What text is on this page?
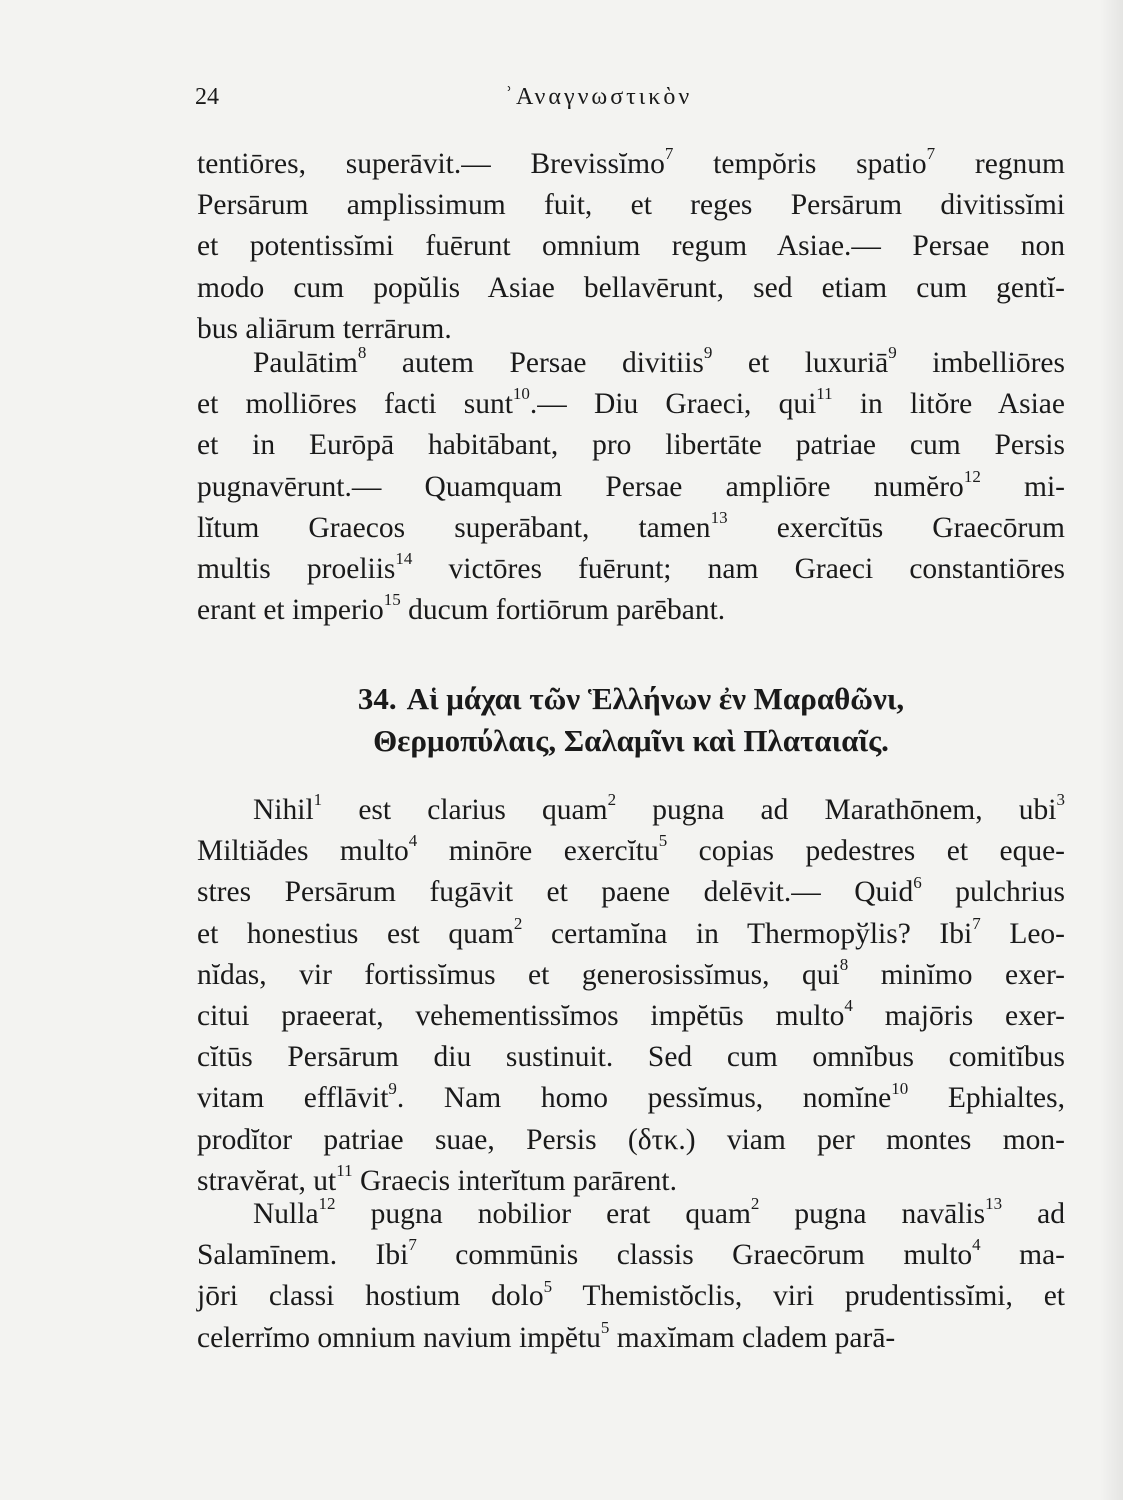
24	ʾΑναγνωστικὸν
tentiōres, superāvit.— Brevissĭmo$^7$ tempŏris spatio$^7$ regnum
Persārum amplissimum fuit, et reges Persārum divitissĭmi
et potentissĭmi fuērunt omnium regum Asiae.— Persae non
modo cum popŭlis Asiae bellavērunt, sed etiam cum gentĭ-
bus aliārum terrārum.
Paulātim$^8$ autem Persae divitiis$^9$ et luxuriā$^9$ imbelliōres
et molliōres facti sunt$^{10}$.— Diu Graeci, qui$^{11}$ in litŏre Asiae
et in Eurōpā habitābant, pro libertāte patriae cum Persis
pugnavērunt.— Quamquam Persae ampliōre numĕro$^{12}$ mi-
lĭtum Graecos superābant, tamen$^{13}$ exercĭtūs Graecōrum
multis proeliis$^{14}$ victōres fuērunt; nam Graeci constantiōres
erant et imperio$^{15}$ ducum fortiōrum parēbant.
34. Αἱ μάχαι τῶν Ἑλλήνων ἐν Μαραθῶνι,
Θερμοπύλαις, Σαλαμῖνι καὶ Πλαταιαῖς.
Nihil$^1$ est clarius quam$^2$ pugna ad Marathōnem, ubi$^3$
Miltiădes multo$^4$ minōre exercĭtu$^5$ copias pedestres et eque-
stres Persārum fugāvit et paene delēvit.— Quid$^6$ pulchrius
et honestius est quam$^2$ certamĭna in Thermopўlis? Ibi$^7$ Leo-
nĭdas, vir fortissĭmus et generosissĭmus, qui$^8$ minĭmo exer-
citui praeerat, vehementissĭmos impĕtūs multo$^4$ majōris exer-
cĭtūs Persārum diu sustinuit. Sed cum omnĭbus comitĭbus
vitam efflāvit$^9$. Nam homo pessĭmus, nomĭne$^{10}$ Ephialtes,
prodĭtor patriae suae, Persis (δτκ.) viam per montes mon-
stravĕrat, $ut^{11}$ Graecis interĭtum parārent.
Nulla$^{12}$ pugna nobilior erat quam$^2$ pugna navālis$^{13}$ ad
Salamīnem. Ibi$^7$ commūnis classis Graecōrum multo$^4$ ma-
jōri classi hostium dolo$^5$ Themistŏclis, viri prudentissĭmi, et
celerrĭmo omnium navium impĕtu$^5$ maxĭmam cladem parā-
